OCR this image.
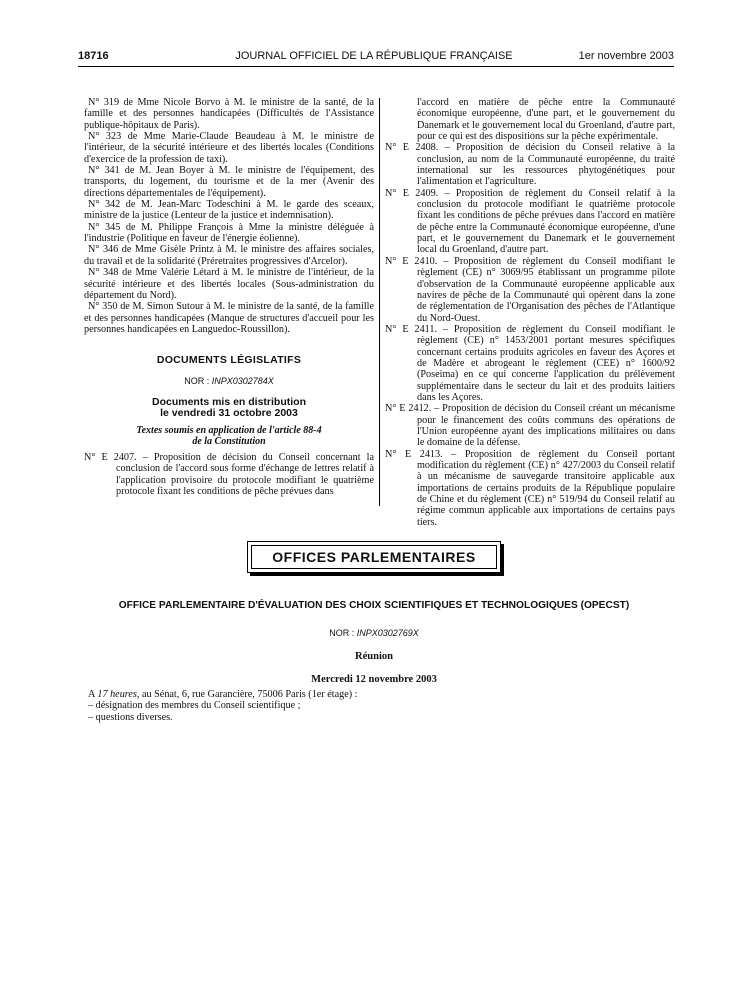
18716	JOURNAL OFFICIEL DE LA RÉPUBLIQUE FRANÇAISE	1er novembre 2003

N° 319 de Mme Nicole Borvo à M. le ministre de la santé, de la famille et des personnes handicapées (Difficultés de l'Assistance publique-hôpitaux de Paris).

N° 323 de Mme Marie-Claude Beaudeau à M. le ministre de l'intérieur, de la sécurité intérieure et des libertés locales (Conditions d'exercice de la profession de taxi).

N° 341 de M. Jean Boyer à M. le ministre de l'équipement, des transports, du logement, du tourisme et de la mer (Avenir des directions départementales de l'équipement).

N° 342 de M. Jean-Marc Todeschini à M. le garde des sceaux, ministre de la justice (Lenteur de la justice et indemnisation).

N° 345 de M. Philippe François à Mme la ministre déléguée à l'industrie (Politique en faveur de l'énergie éolienne).

N° 346 de Mme Gisèle Printz à M. le ministre des affaires sociales, du travail et de la solidarité (Préretraites progressives d'Arcelor).

N° 348 de Mme Valérie Létard à M. le ministre de l'intérieur, de la sécurité intérieure et des libertés locales (Sous-administration du département du Nord).

N° 350 de M. Simon Sutour à M. le ministre de la santé, de la famille et des personnes handicapées (Manque de structures d'accueil pour les personnes handicapées en Languedoc-Roussillon).

DOCUMENTS LÉGISLATIFS

NOR : INPX0302784X

Documents mis en distribution
le vendredi 31 octobre 2003

Textes soumis en application de l'article 88-4
de la Constitution

N° E 2407. – Proposition de décision du Conseil concernant la conclusion de l'accord sous forme d'échange de lettres relatif à l'application provisoire du protocole modifiant le quatrième protocole fixant les conditions de pêche prévues dans

l'accord en matière de pêche entre la Communauté économique européenne, d'une part, et le gouvernement du Danemark et le gouvernement local du Groenland, d'autre part, pour ce qui est des dispositions sur la pêche expérimentale.

N° E 2408. – Proposition de décision du Conseil relative à la conclusion, au nom de la Communauté européenne, du traité international sur les ressources phytogénétiques pour l'alimentation et l'agriculture.

N° E 2409. – Proposition de règlement du Conseil relatif à la conclusion du protocole modifiant le quatrième protocole fixant les conditions de pêche prévues dans l'accord en matière de pêche entre la Communauté économique européenne, d'une part, et le gouvernement du Danemark et le gouvernement local du Groenland, d'autre part.

N° E 2410. – Proposition de règlement du Conseil modifiant le règlement (CE) n° 3069/95 établissant un programme pilote d'observation de la Communauté européenne applicable aux navires de pêche de la Communauté qui opèrent dans la zone de réglementation de l'Organisation des pêches de l'Atlantique du Nord-Ouest.

N° E 2411. – Proposition de règlement du Conseil modifiant le règlement (CE) n° 1453/2001 portant mesures spécifiques concernant certains produits agricoles en faveur des Açores et de Madère et abrogeant le règlement (CEE) n° 1600/92 (Poseima) en ce qui concerne l'application du prélèvement supplémentaire dans le secteur du lait et des produits laitiers dans les Açores.

N° E 2412. – Proposition de décision du Conseil créant un mécanisme pour le financement des coûts communs des opérations de l'Union européenne ayant des implications militaires ou dans le domaine de la défense.

N° E 2413. – Proposition de règlement du Conseil portant modification du règlement (CE) n° 427/2003 du Conseil relatif à un mécanisme de sauvegarde transitoire applicable aux importations de certains produits de la République populaire de Chine et du règlement (CE) n° 519/94 du Conseil relatif au régime commun applicable aux importations de certains pays tiers.

OFFICES PARLEMENTAIRES
OFFICE PARLEMENTAIRE D'ÉVALUATION DES CHOIX SCIENTIFIQUES ET TECHNOLOGIQUES (OPECST)
NOR : INPX0302769X
Réunion
Mercredi 12 novembre 2003

A 17 heures, au Sénat, 6, rue Garancière, 75006 Paris (1er étage) :

– désignation des membres du Conseil scientifique ;

– questions diverses.
